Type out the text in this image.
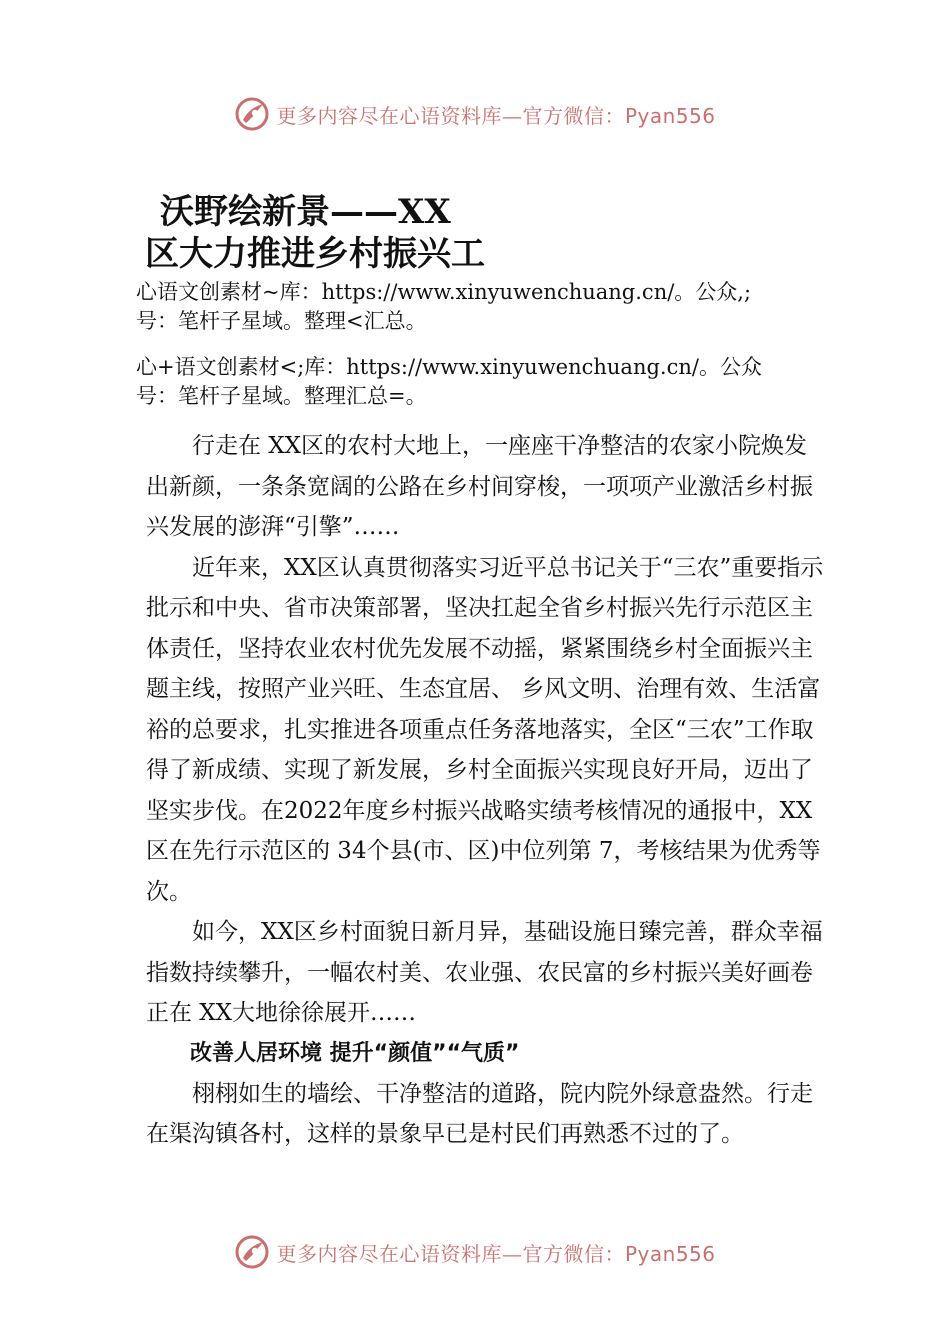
更多内容尽在心语资料库—官方微信：Pyan556
沃野绘新景——XX
区大力推进乡村振兴工
心语文创素材~库：https://www.xinyuwenchuang.cn/。公众,;
号：笔杆子星域。整理<汇总。
心+语文创素材<;库：https://www.xinyuwenchuang.cn/。公众
号：笔杆子星域。整理汇总=。

行走在 XX区的农村大地上，一座座干净整洁的农家小院焕发出新颜，一条条宽阔的公路在乡村间穿梭，一项项产业激活乡村振兴发展的澎湃“引擎”……

近年来，XX区认真贯彻落实习近平总书记关于“三农”重要指示批示和中央、省市决策部署，坚决扛起全省乡村振兴先行示范区主体责任，坚持农业农村优先发展不动摇，紧紧围绕乡村全面振兴主题主线，按照产业兴旺、生态宜居、 乡风文明、治理有效、生活富裕的总要求，扎实推进各项重点任务落地落实，全区“三农”工作取得了新成绩、实现了新发展，乡村全面振兴实现良好开局，迈出了坚实步伐。在2022年度乡村振兴战略实绩考核情况的通报中，XX区在先行示范区的 34个县(市、区)中位列第 7，考核结果为优秀等次。

如今，XX区乡村面貌日新月异，基础设施日臻完善，群众幸福指数持续攀升，一幅农村美、农业强、农民富的乡村振兴美好画卷正在 XX大地徐徐展开……

改善人居环境 提升“颜值”“气质”

栩栩如生的墙绘、干净整洁的道路，院内院外绿意盎然。行走在渠沟镇各村，这样的景象早已是村民们再熟悉不过的了。

更多内容尽在心语资料库—官方微信：Pyan556
